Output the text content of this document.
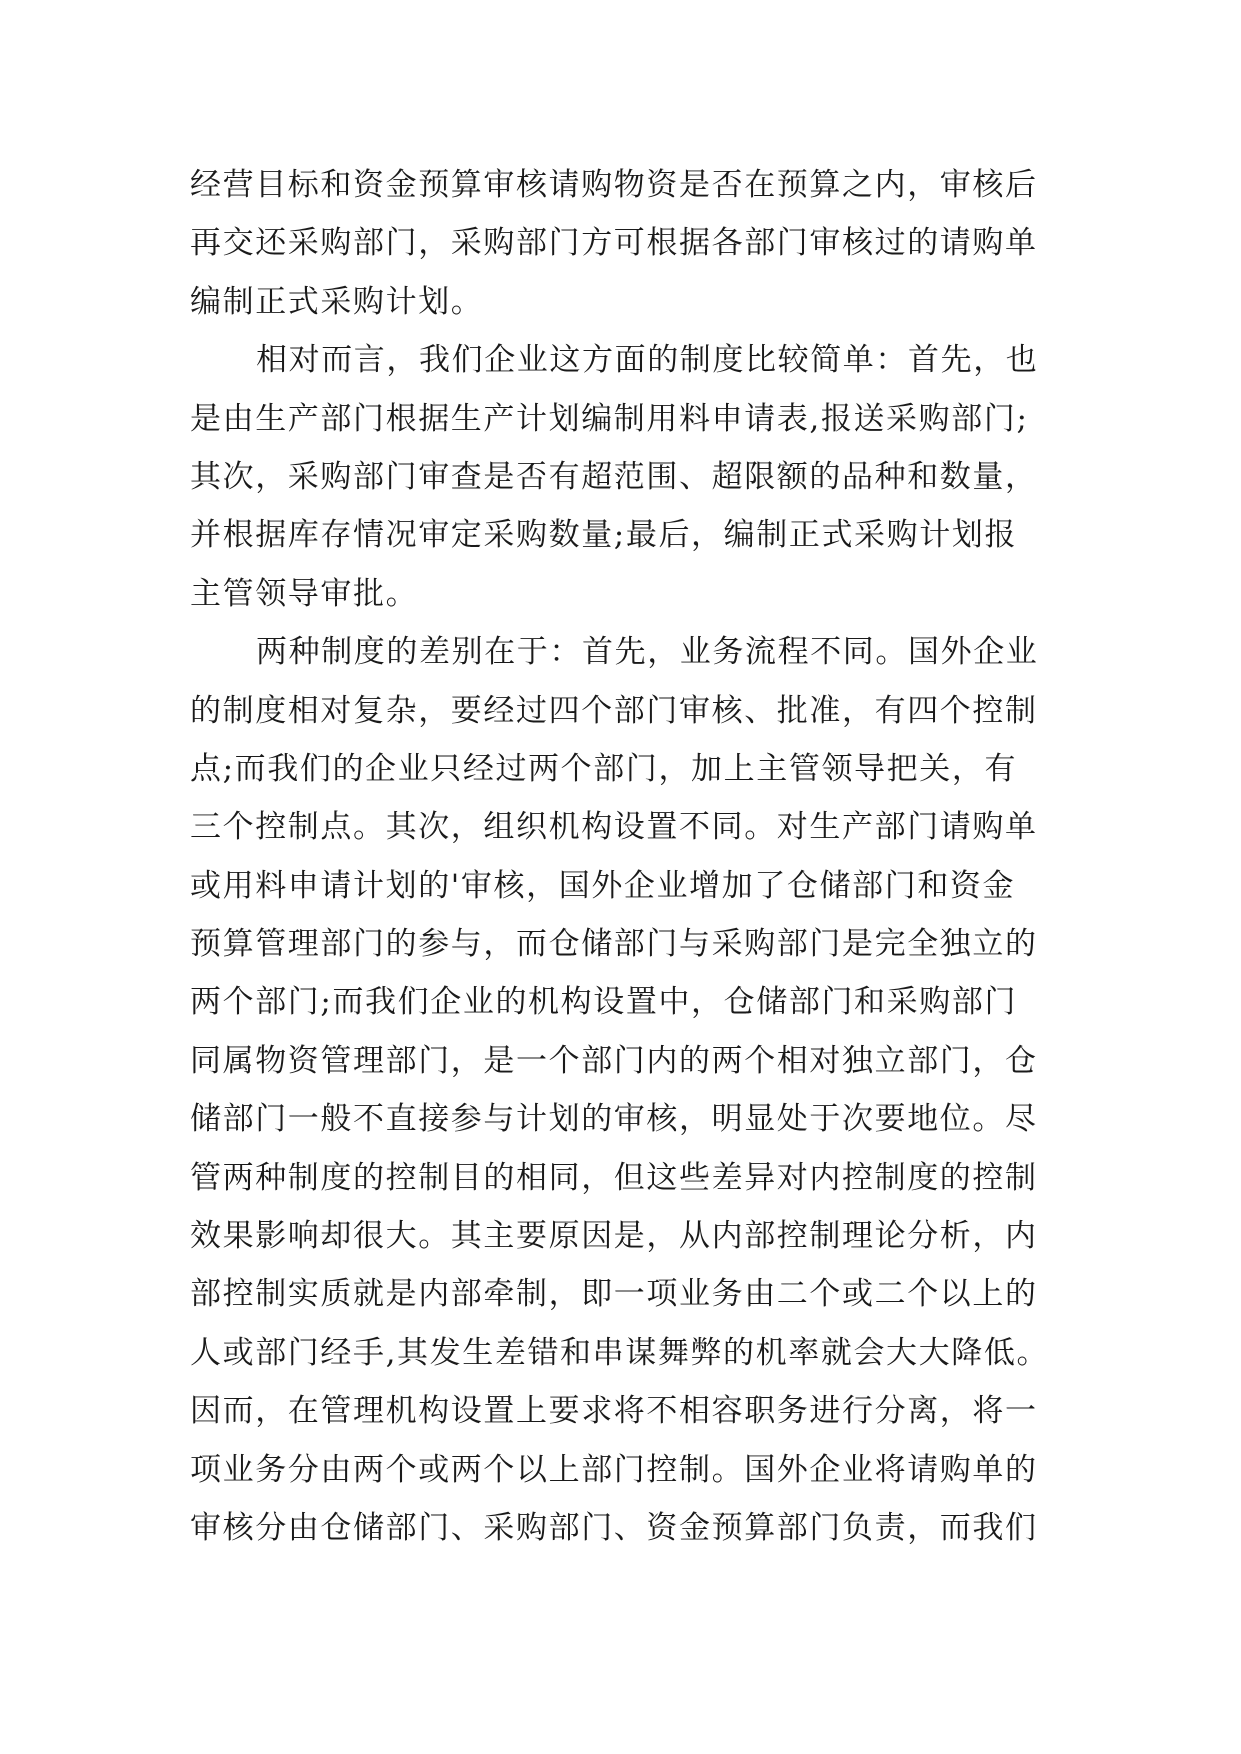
经营目标和资金预算审核请购物资是否在预算之内，审核后
再交还采购部门，采购部门方可根据各部门审核过的请购单
编制正式采购计划。
相对而言，我们企业这方面的制度比较简单：首先，也
是由生产部门根据生产计划编制用料申请表,报送采购部门;
其次，采购部门审查是否有超范围、超限额的品种和数量，
并根据库存情况审定采购数量;最后，编制正式采购计划报
主管领导审批。
两种制度的差别在于：首先，业务流程不同。国外企业
的制度相对复杂，要经过四个部门审核、批准，有四个控制
点;而我们的企业只经过两个部门，加上主管领导把关，有
三个控制点。其次，组织机构设置不同。对生产部门请购单
或用料申请计划的'审核，国外企业增加了仓储部门和资金
预算管理部门的参与，而仓储部门与采购部门是完全独立的
两个部门;而我们企业的机构设置中，仓储部门和采购部门
同属物资管理部门，是一个部门内的两个相对独立部门，仓
储部门一般不直接参与计划的审核，明显处于次要地位。尽
管两种制度的控制目的相同，但这些差异对内控制度的控制
效果影响却很大。其主要原因是，从内部控制理论分析，内
部控制实质就是内部牵制，即一项业务由二个或二个以上的
人或部门经手,其发生差错和串谋舞弊的机率就会大大降低。
因而，在管理机构设置上要求将不相容职务进行分离，将一
项业务分由两个或两个以上部门控制。国外企业将请购单的
审核分由仓储部门、采购部门、资金预算部门负责，而我们
